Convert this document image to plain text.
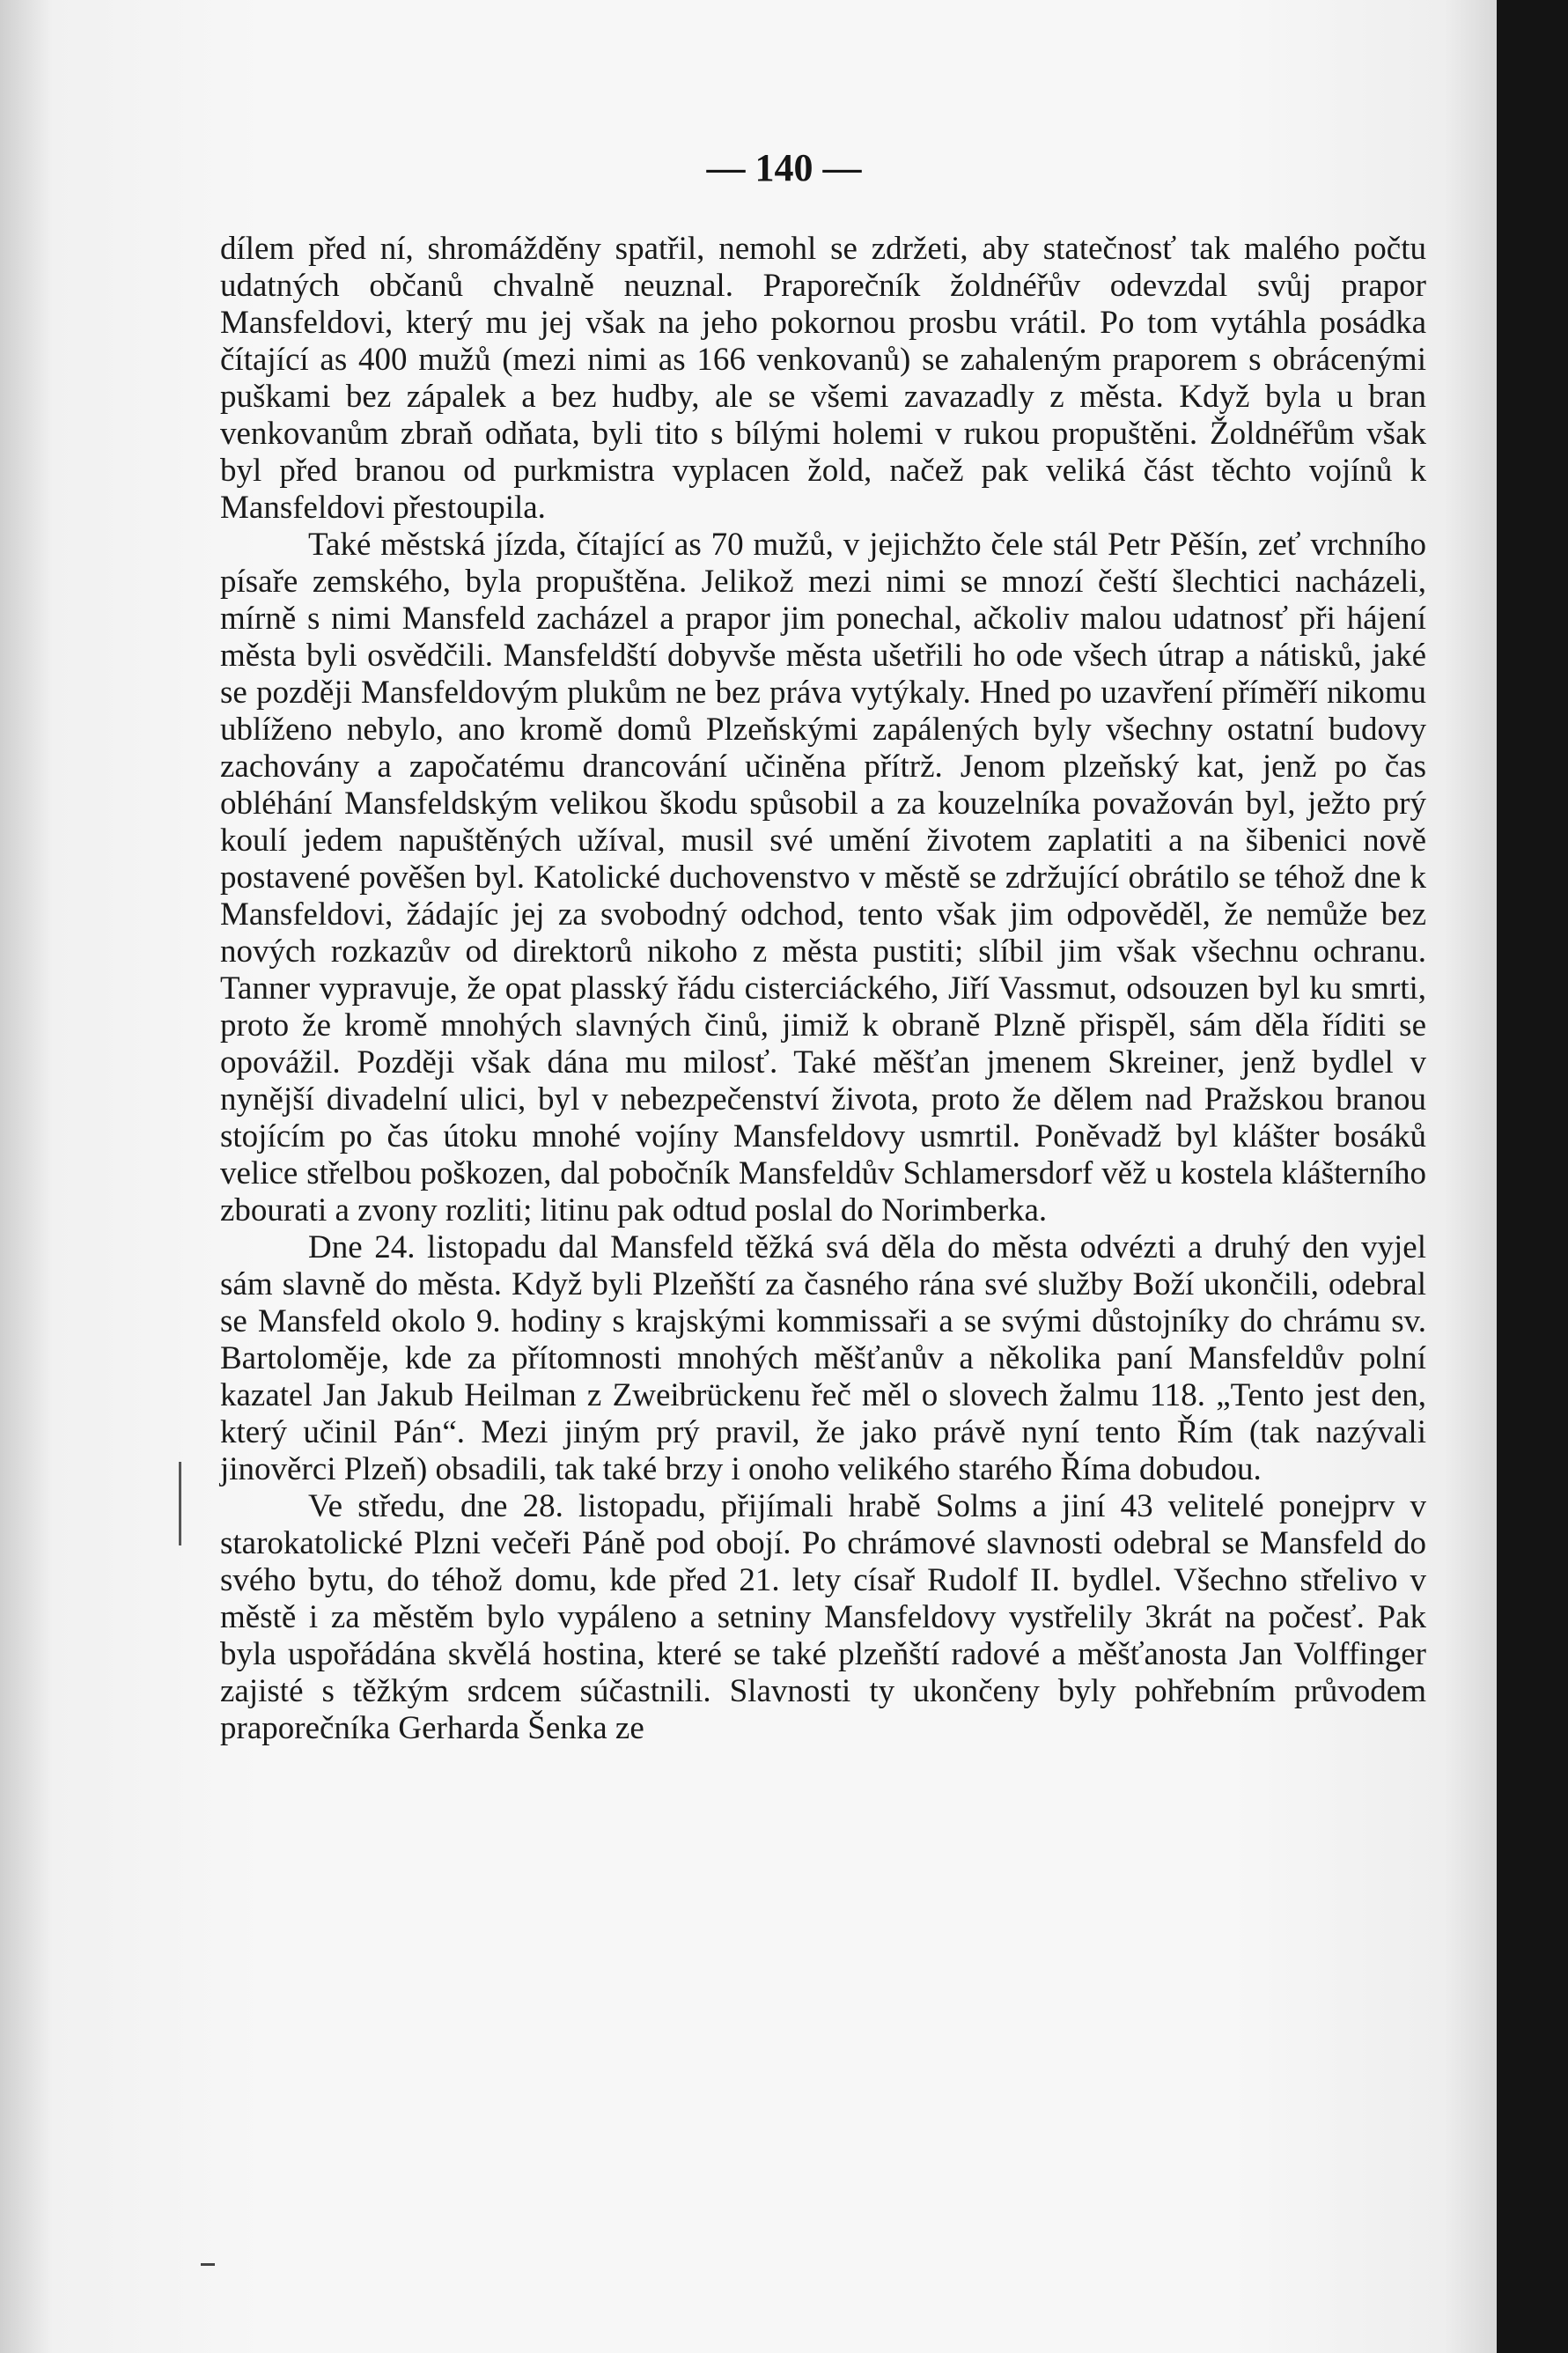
— 140 —

dílem před ní, shromážděny spatřil, nemohl se zdržeti, aby statečnosť tak malého počtu udatných občanů chvalně neuznal. Praporečník žoldnéřův odevzdal svůj prapor Mansfeldovi, který mu jej však na jeho pokornou prosbu vrátil. Po tom vytáhla posádka čítající as 400 mužů (mezi nimi as 166 venkovanů) se zahaleným praporem s obrácenými puškami bez zápalek a bez hudby, ale se všemi zavazadly z města. Když byla u bran venkovanům zbraň odňata, byli tito s bílými holemi v rukou propuštěni. Žoldnéřům však byl před branou od purkmistra vyplacen žold, načež pak veliká část těchto vojínů k Mansfeldovi přestoupila.

Také městská jízda, čítající as 70 mužů, v jejichžto čele stál Petr Pěšín, zeť vrchního písaře zemského, byla propuštěna. Jelikož mezi nimi se mnozí čeští šlechtici nacházeli, mírně s nimi Mansfeld zacházel a prapor jim ponechal, ačkoliv malou udatnosť při hájení města byli osvědčili. Mansfeldští dobyvše města ušetřili ho ode všech útrap a nátisků, jaké se později Mansfeldovým plukům ne bez práva vytýkaly. Hned po uzavření příměří nikomu ublíženo nebylo, ano kromě domů Plzeňskými zapálených byly všechny ostatní budovy zachovány a započatému drancování učiněna přítrž. Jenom plzeňský kat, jenž po čas obléhání Mansfeldským velikou škodu spůsobil a za kouzelníka považován byl, ježto prý koulí jedem napuštěných užíval, musil své umění životem zaplatiti a na šibenici nově postavené pověšen byl. Katolické duchovenstvo v městě se zdržující obrátilo se téhož dne k Mansfeldovi, žádajíc jej za svobodný odchod, tento však jim odpověděl, že nemůže bez nových rozkazův od direktorů nikoho z města pustiti; slíbil jim však všechnu ochranu. Tanner vypravuje, že opat plasský řádu cisterciáckého, Jiří Vassmut, odsouzen byl ku smrti, proto že kromě mnohých slavných činů, jimiž k obraně Plzně přispěl, sám děla říditi se opovážil. Později však dána mu milosť. Také měšťan jmenem Skreiner, jenž bydlel v nynější divadelní ulici, byl v nebezpečenství života, proto že dělem nad Pražskou branou stojícím po čas útoku mnohé vojíny Mansfeldovy usmrtil. Poněvadž byl klášter bosáků velice střelbou poškozen, dal pobočník Mansfeldův Schlamersdorf věž u kostela klášterního zbourati a zvony rozliti; litinu pak odtud poslal do Norimberka.

Dne 24. listopadu dal Mansfeld těžká svá děla do města odvézti a druhý den vyjel sám slavně do města. Když byli Plzeňští za časného rána své služby Boží ukončili, odebral se Mansfeld okolo 9. hodiny s krajskými kommissaři a se svými důstojníky do chrámu sv. Bartoloměje, kde za přítomnosti mnohých měšťanův a několika paní Mansfeldův polní kazatel Jan Jakub Heilman z Zweibrückenu řeč měl o slovech žalmu 118. „Tento jest den, který učinil Pán“. Mezi jiným prý pravil, že jako právě nyní tento Řím (tak nazývali jinověrci Plzeň) obsadili, tak také brzy i onoho velikého starého Říma dobudou.

Ve středu, dne 28. listopadu, přijímali hrabě Solms a jiní 43 velitelé ponejprv v starokatolické Plzni večeři Páně pod obojí. Po chrámové slavnosti odebral se Mansfeld do svého bytu, do téhož domu, kde před 21. lety císař Rudolf II. bydlel. Všechno střelivo v městě i za městěm bylo vypáleno a setniny Mansfeldovy vystřelily 3krát na počesť. Pak byla uspořádána skvělá hostina, které se také plzeňští radové a měšťanosta Jan Volffinger zajisté s těžkým srdcem súčastnili. Slavnosti ty ukončeny byly pohřebním průvodem praporečníka Gerharda Šenka ze
